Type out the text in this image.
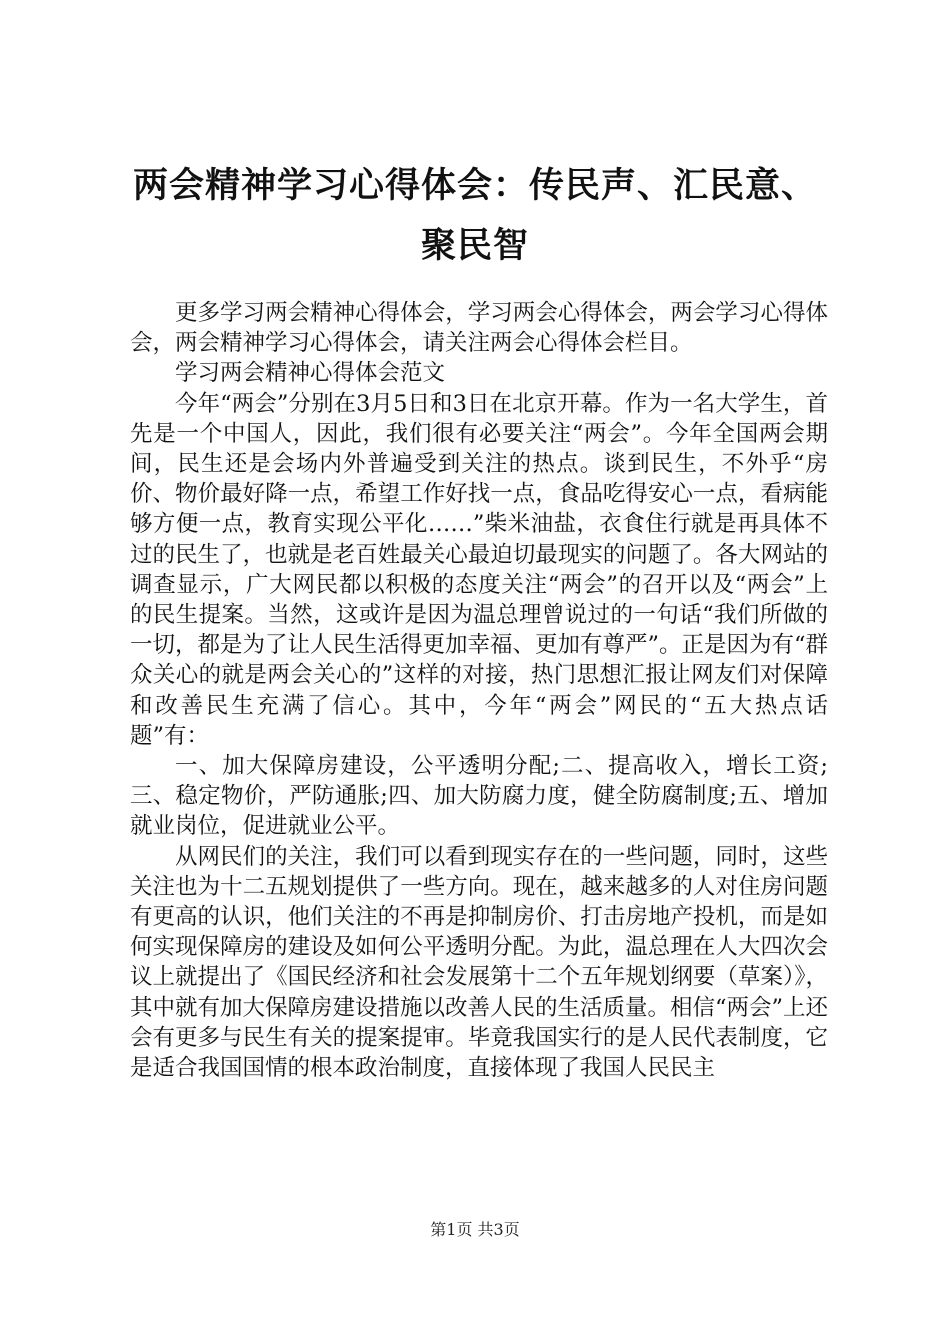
两会精神学习心得体会：传民声、汇民意、聚民智

更多学习两会精神心得体会，学习两会心得体会，两会学习心得体会，两会精神学习心得体会，请关注两会心得体会栏目。

学习两会精神心得体会范文

今年“两会”分别在3月5日和3日在北京开幕。作为一名大学生，首先是一个中国人，因此，我们很有必要关注“两会”。今年全国两会期间，民生还是会场内外普遍受到关注的热点。谈到民生，不外乎“房价、物价最好降一点，希望工作好找一点，食品吃得安心一点，看病能够方便一点，教育实现公平化……”柴米油盐，衣食住行就是再具体不过的民生了，也就是老百姓最关心最迫切最现实的问题了。各大网站的调查显示，广大网民都以积极的态度关注“两会”的召开以及“两会”上的民生提案。当然，这或许是因为温总理曾说过的一句话“我们所做的一切，都是为了让人民生活得更加幸福、更加有尊严”。正是因为有“群众关心的就是两会关心的”这样的对接，热门思想汇报让网友们对保障和改善民生充满了信心。其中，今年“两会”网民的“五大热点话题”有：

一、加大保障房建设，公平透明分配;二、提高收入，增长工资;三、稳定物价，严防通胀;四、加大防腐力度，健全防腐制度;五、增加就业岗位，促进就业公平。

从网民们的关注，我们可以看到现实存在的一些问题，同时，这些关注也为十二五规划提供了一些方向。现在，越来越多的人对住房问题有更高的认识，他们关注的不再是抑制房价、打击房地产投机，而是如何实现保障房的建设及如何公平透明分配。为此，温总理在人大四次会议上就提出了《国民经济和社会发展第十二个五年规划纲要（草案）》，其中就有加大保障房建设措施以改善人民的生活质量。相信“两会”上还会有更多与民生有关的提案提审。毕竟我国实行的是人民代表制度，它是适合我国国情的根本政治制度，直接体现了我国人民民主

第1页 共3页
